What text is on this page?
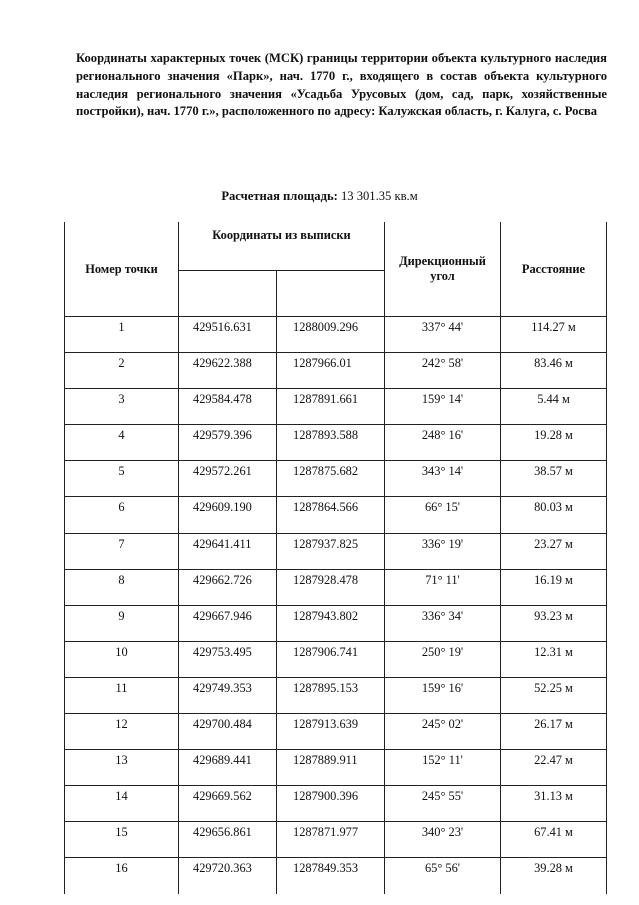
Координаты характерных точек (МСК) границы территории объекта культурного наследия регионального значения «Парк», нач. 1770 г., входящего в состав объекта культурного наследия регионального значения «Усадьба Урусовых (дом, сад, парк, хозяйственные постройки), нач. 1770 г.», расположенного по адресу: Калужская область, г. Калуга, с. Росва
Расчетная площадь: 13 301.35 кв.м
Номер точки	Координаты из выписки		Дирекционный угол	Расстояние

1	429516.631	1288009.296	337° 44'	114.27 м
2	429622.388	1287966.01	242° 58'	83.46 м
3	429584.478	1287891.661	159° 14'	5.44 м
4	429579.396	1287893.588	248° 16'	19.28 м
5	429572.261	1287875.682	343° 14'	38.57 м
6	429609.190	1287864.566	66° 15'	80.03 м
7	429641.411	1287937.825	336° 19'	23.27 м
8	429662.726	1287928.478	71° 11'	16.19 м
9	429667.946	1287943.802	336° 34'	93.23 м
10	429753.495	1287906.741	250° 19'	12.31 м
11	429749.353	1287895.153	159° 16'	52.25 м
12	429700.484	1287913.639	245° 02'	26.17 м
13	429689.441	1287889.911	152° 11'	22.47 м
14	429669.562	1287900.396	245° 55'	31.13 м
15	429656.861	1287871.977	340° 23'	67.41 м
16	429720.363	1287849.353	65° 56'	39.28 м
